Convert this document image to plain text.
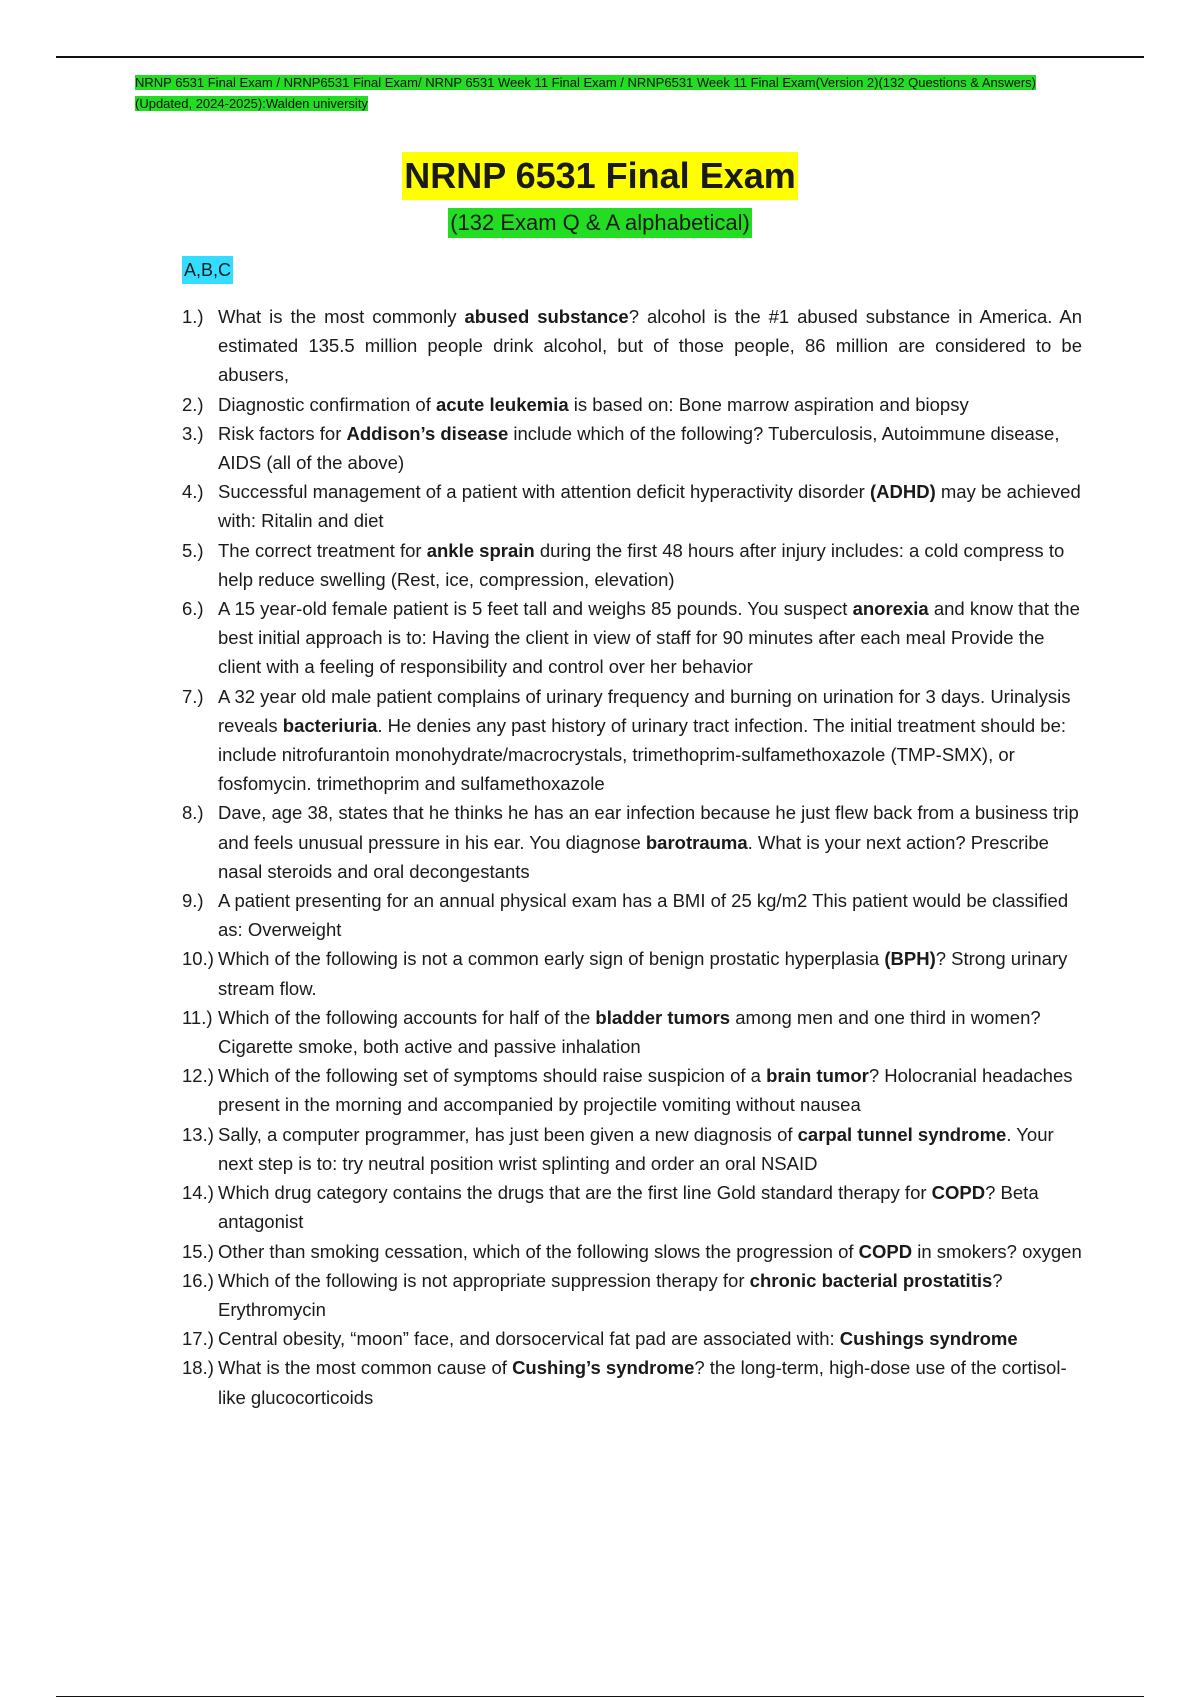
NRNP 6531 Final Exam / NRNP6531 Final Exam/ NRNP 6531 Week 11 Final Exam / NRNP6531 Week 11 Final Exam(Version 2)(132 Questions & Answers)(Updated, 2024-2025):Walden university
NRNP 6531 Final Exam
(132 Exam Q & A alphabetical)
A,B,C
1.) What is the most commonly abused substance? alcohol is the #1 abused substance in America. An estimated 135.5 million people drink alcohol, but of those people, 86 million are considered to be abusers,
2.) Diagnostic confirmation of acute leukemia is based on: Bone marrow aspiration and biopsy
3.) Risk factors for Addison’s disease include which of the following? Tuberculosis, Autoimmune disease, AIDS (all of the above)
4.) Successful management of a patient with attention deficit hyperactivity disorder (ADHD) may be achieved with: Ritalin and diet
5.) The correct treatment for ankle sprain during the first 48 hours after injury includes: a cold compress to help reduce swelling (Rest, ice, compression, elevation)
6.) A 15 year-old female patient is 5 feet tall and weighs 85 pounds. You suspect anorexia and know that the best initial approach is to: Having the client in view of staff for 90 minutes after each meal Provide the client with a feeling of responsibility and control over her behavior
7.) A 32 year old male patient complains of urinary frequency and burning on urination for 3 days. Urinalysis reveals bacteriuria. He denies any past history of urinary tract infection. The initial treatment should be: include nitrofurantoin monohydrate/macrocrystals, trimethoprim-sulfamethoxazole (TMP-SMX), or fosfomycin. trimethoprim and sulfamethoxazole
8.) Dave, age 38, states that he thinks he has an ear infection because he just flew back from a business trip and feels unusual pressure in his ear. You diagnose barotrauma. What is your next action? Prescribe nasal steroids and oral decongestants
9.) A patient presenting for an annual physical exam has a BMI of 25 kg/m2 This patient would be classified as: Overweight
10.) Which of the following is not a common early sign of benign prostatic hyperplasia (BPH)? Strong urinary stream flow.
11.) Which of the following accounts for half of the bladder tumors among men and one third in women? Cigarette smoke, both active and passive inhalation
12.) Which of the following set of symptoms should raise suspicion of a brain tumor? Holocranial headaches present in the morning and accompanied by projectile vomiting without nausea
13.) Sally, a computer programmer, has just been given a new diagnosis of carpal tunnel syndrome. Your next step is to: try neutral position wrist splinting and order an oral NSAID
14.) Which drug category contains the drugs that are the first line Gold standard therapy for COPD? Beta antagonist
15.) Other than smoking cessation, which of the following slows the progression of COPD in smokers? oxygen
16.) Which of the following is not appropriate suppression therapy for chronic bacterial prostatitis? Erythromycin
17.) Central obesity, “moon” face, and dorsocervical fat pad are associated with: Cushings syndrome
18.) What is the most common cause of Cushing’s syndrome? the long-term, high-dose use of the cortisol-like glucocorticoids
